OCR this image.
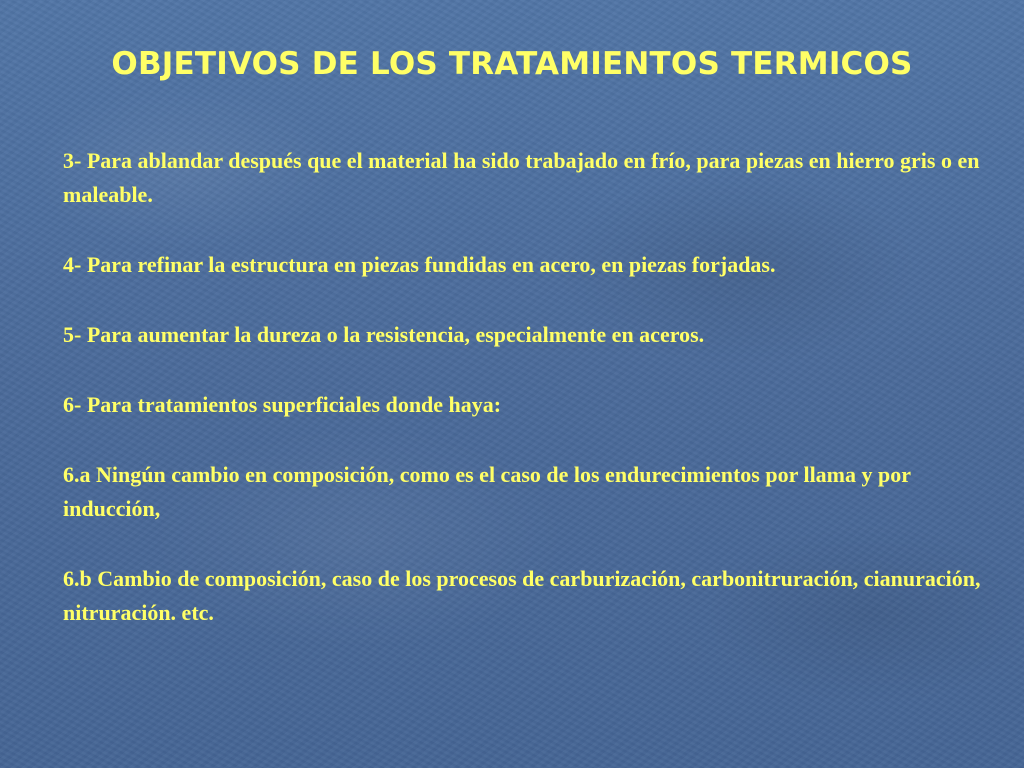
OBJETIVOS DE LOS TRATAMIENTOS TERMICOS

3- Para ablandar después que el material ha sido trabajado en frío, para piezas en hierro gris o en maleable.

4- Para refinar la estructura en piezas fundidas en acero, en piezas forjadas.

5- Para aumentar la dureza o la resistencia, especialmente en aceros.

6- Para tratamientos superficiales donde haya:

6.a Ningún cambio en composición, como es el caso de los endurecimientos por llama y por inducción,

6.b Cambio de composición, caso de los procesos de carburización, carbonitruración, cianuración, nitruración. etc.
